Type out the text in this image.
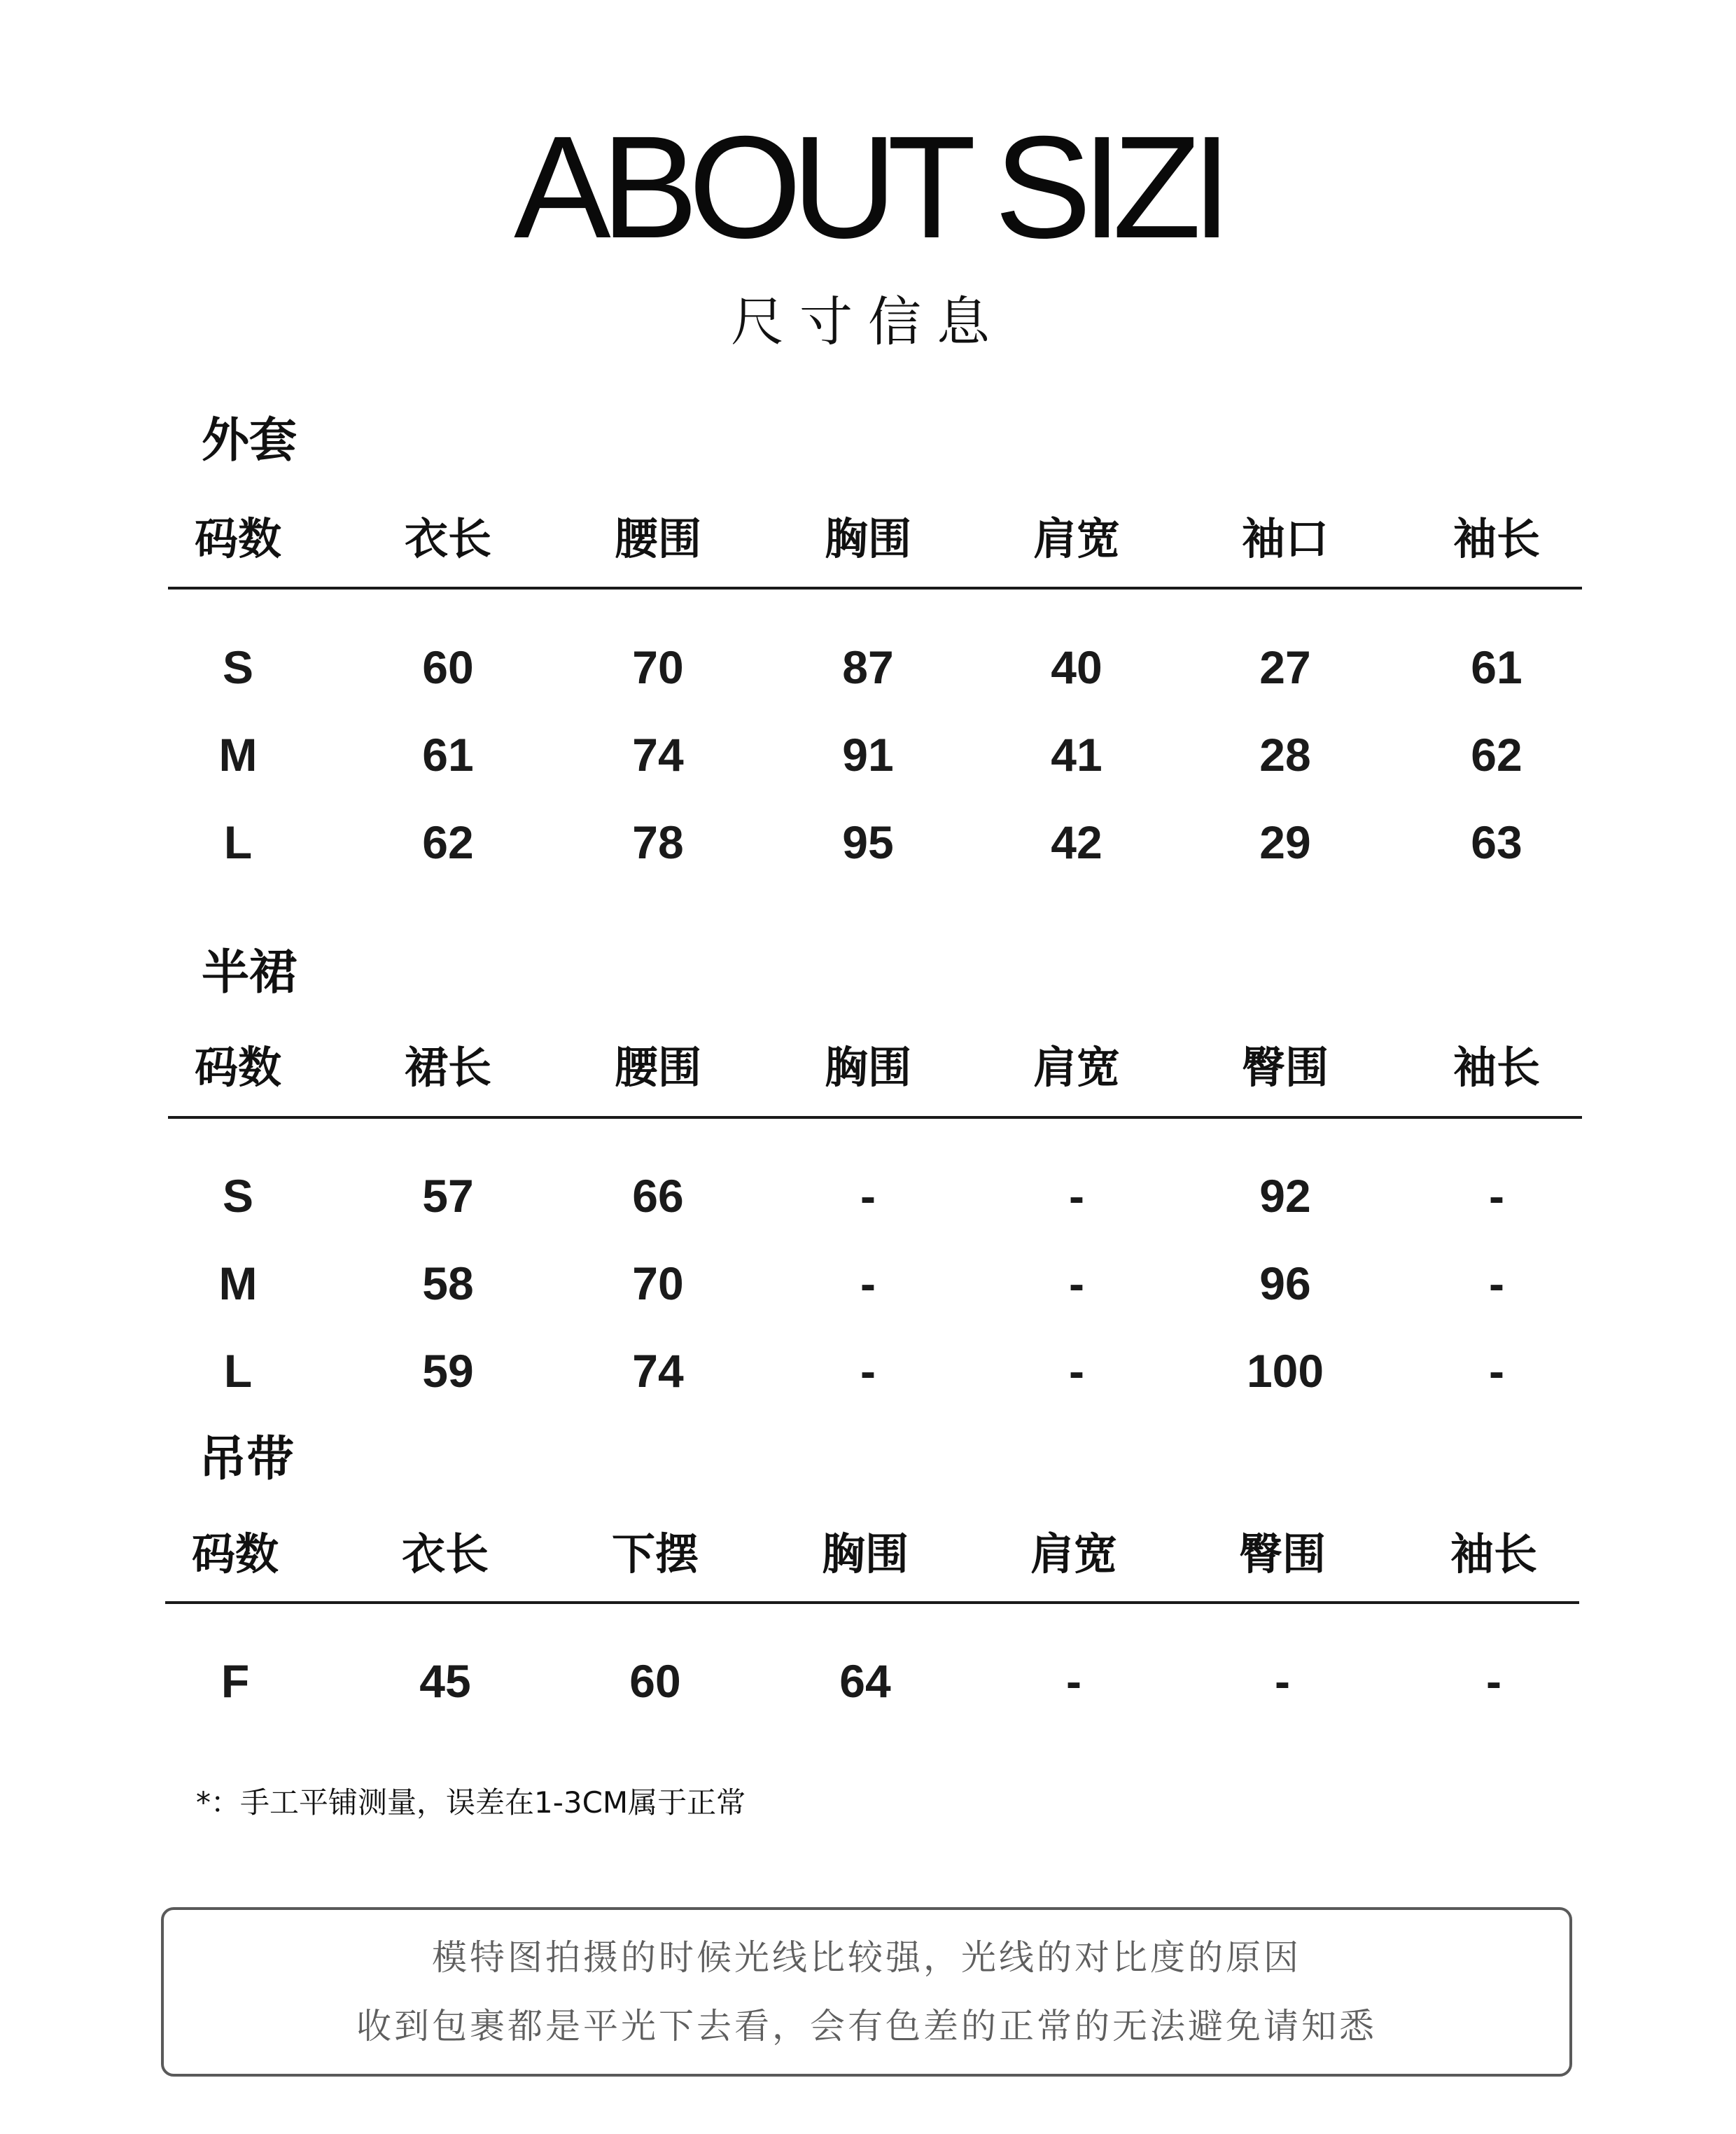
ABOUT SIZI
尺寸信息
外套
码数	衣长	腰围	胸围	肩宽	袖口	袖长
S	60	70	87	40	27	61
M	61	74	91	41	28	62
L	62	78	95	42	29	63
半裙
码数	裙长	腰围	胸围	肩宽	臀围	袖长
S	57	66	-	-	92	-
M	58	70	-	-	96	-
L	59	74	-	-	100	-
吊带
码数	衣长	下摆	胸围	肩宽	臀围	袖长
F	45	60	64	-	-	-
*：手工平铺测量，误差在1-3CM属于正常
模特图拍摄的时候光线比较强，光线的对比度的原因
收到包裹都是平光下去看，会有色差的正常的无法避免请知悉
